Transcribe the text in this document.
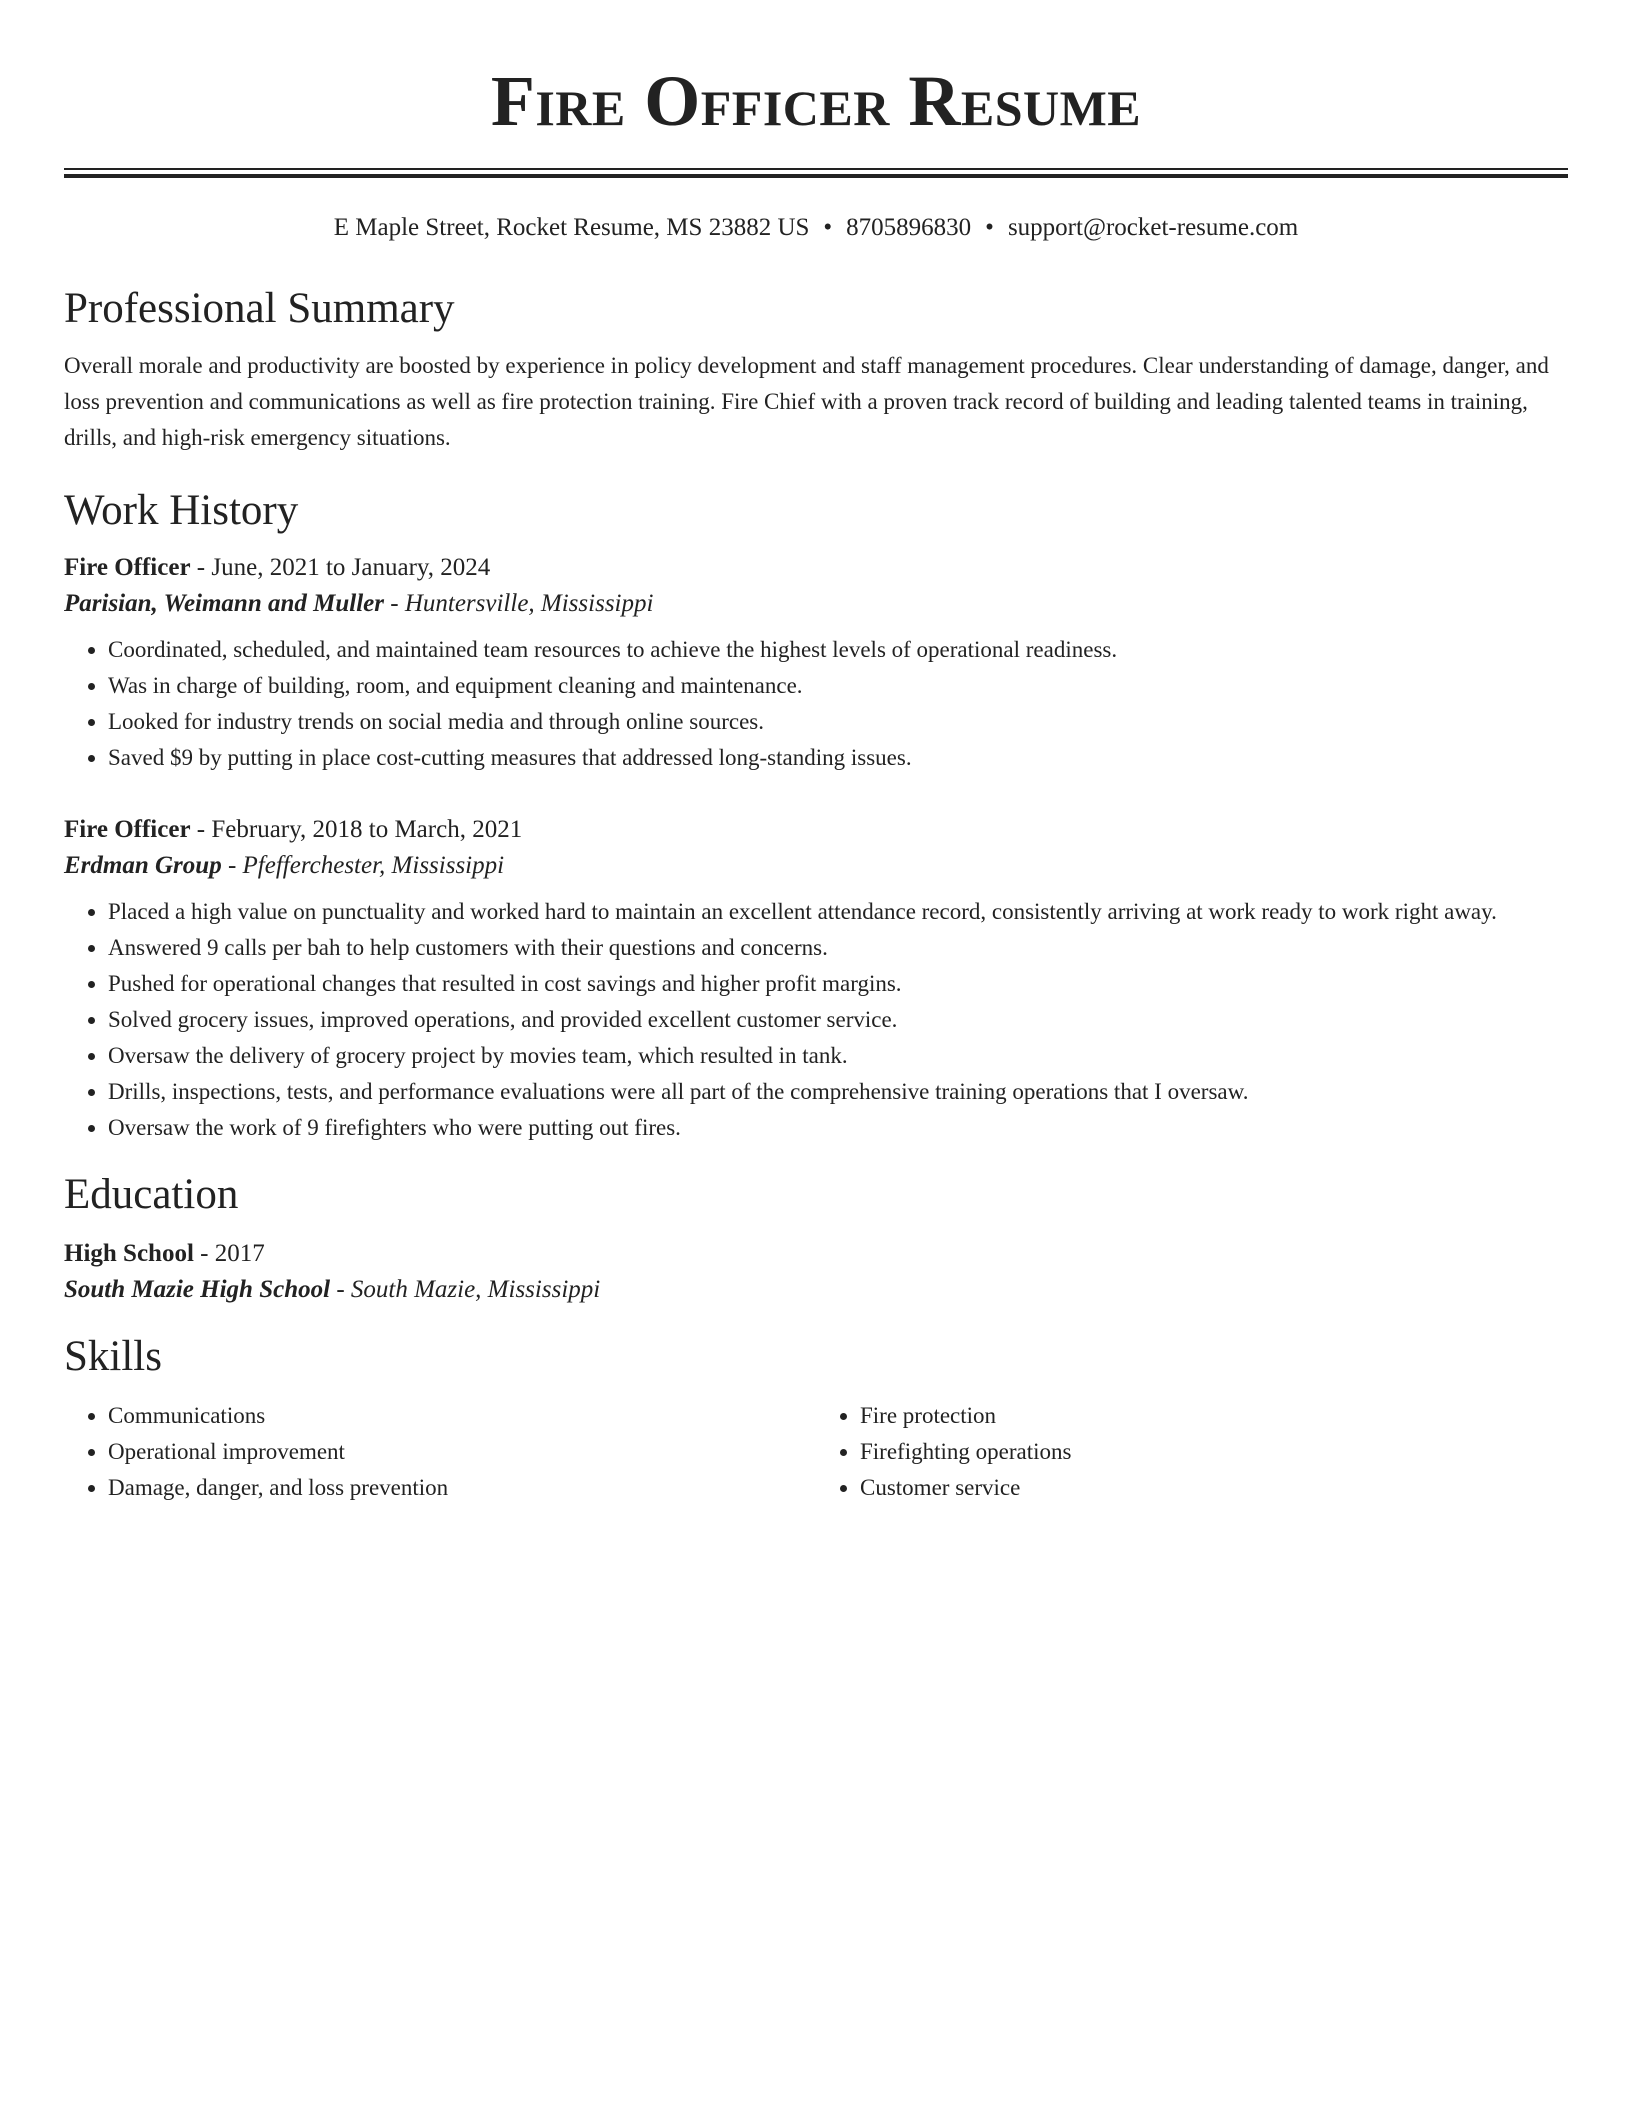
Fire Officer Resume
E Maple Street, Rocket Resume, MS 23882 US • 8705896830 • support@rocket-resume.com
Professional Summary
Overall morale and productivity are boosted by experience in policy development and staff management procedures. Clear understanding of damage, danger, and loss prevention and communications as well as fire protection training. Fire Chief with a proven track record of building and leading talented teams in training, drills, and high-risk emergency situations.
Work History
Fire Officer - June, 2021 to January, 2024
Parisian, Weimann and Muller - Huntersville, Mississippi
• Coordinated, scheduled, and maintained team resources to achieve the highest levels of operational readiness.
• Was in charge of building, room, and equipment cleaning and maintenance.
• Looked for industry trends on social media and through online sources.
• Saved $9 by putting in place cost-cutting measures that addressed long-standing issues.
Fire Officer - February, 2018 to March, 2021
Erdman Group - Pfefferchester, Mississippi
• Placed a high value on punctuality and worked hard to maintain an excellent attendance record, consistently arriving at work ready to work right away.
• Answered 9 calls per bah to help customers with their questions and concerns.
• Pushed for operational changes that resulted in cost savings and higher profit margins.
• Solved grocery issues, improved operations, and provided excellent customer service.
• Oversaw the delivery of grocery project by movies team, which resulted in tank.
• Drills, inspections, tests, and performance evaluations were all part of the comprehensive training operations that I oversaw.
• Oversaw the work of 9 firefighters who were putting out fires.
Education
High School - 2017
South Mazie High School - South Mazie, Mississippi
Skills
• Communications
• Operational improvement
• Damage, danger, and loss prevention
• Fire protection
• Firefighting operations
• Customer service
